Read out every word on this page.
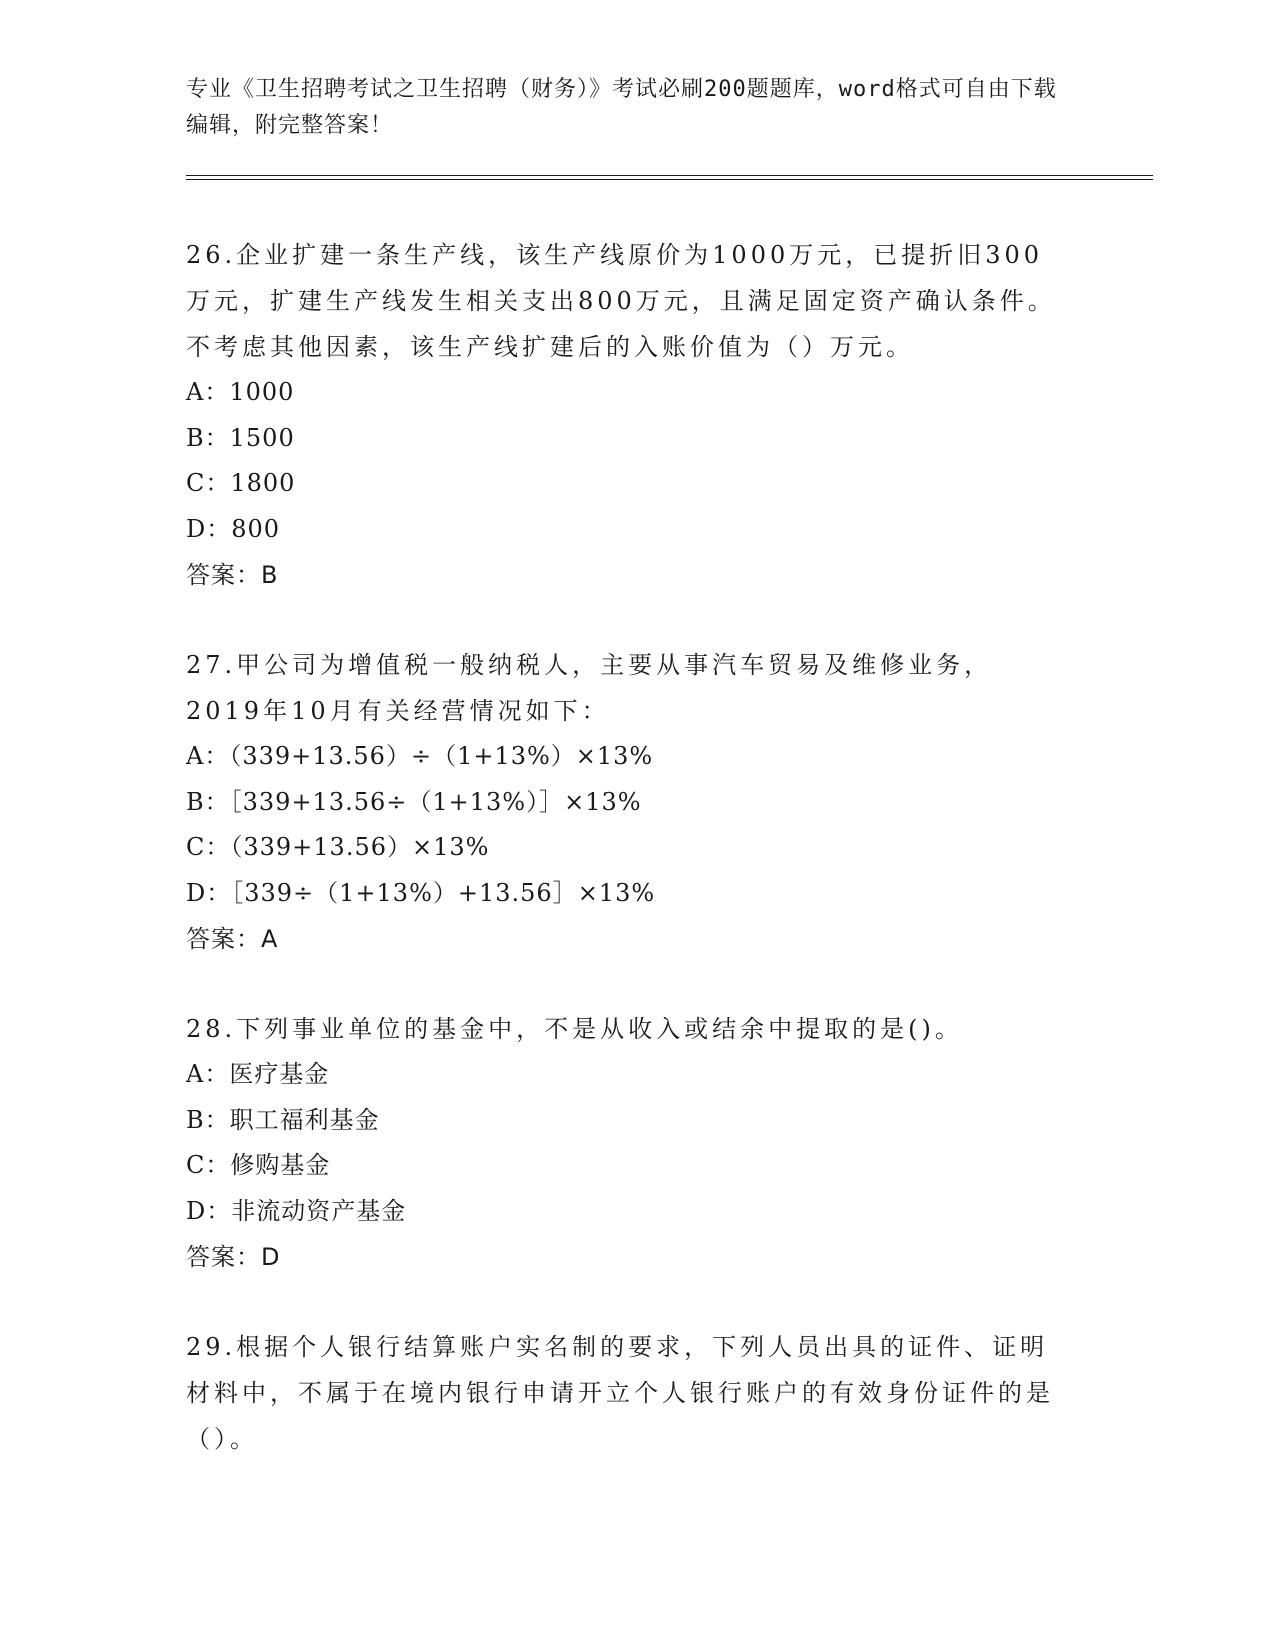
专业《卫生招聘考试之卫生招聘（财务）》考试必刷200题题库，word格式可自由下载编辑，附完整答案！
26.企业扩建一条生产线，该生产线原价为1000万元，已提折旧300万元，扩建生产线发生相关支出800万元，且满足固定资产确认条件。不考虑其他因素，该生产线扩建后的入账价值为（）万元。
A：1000
B：1500
C：1800
D：800
答案：B
27.甲公司为增值税一般纳税人，主要从事汽车贸易及维修业务，2019年10月有关经营情况如下：
A：（339+13.56）÷（1+13%）×13%
B：［339+13.56÷（1+13%）］×13%
C：（339+13.56）×13%
D：［339÷（1+13%）+13.56］×13%
答案：A
28.下列事业单位的基金中，不是从收入或结余中提取的是()。
A：医疗基金
B：职工福利基金
C：修购基金
D：非流动资产基金
答案：D
29.根据个人银行结算账户实名制的要求，下列人员出具的证件、证明材料中，不属于在境内银行申请开立个人银行账户的有效身份证件的是（）。
